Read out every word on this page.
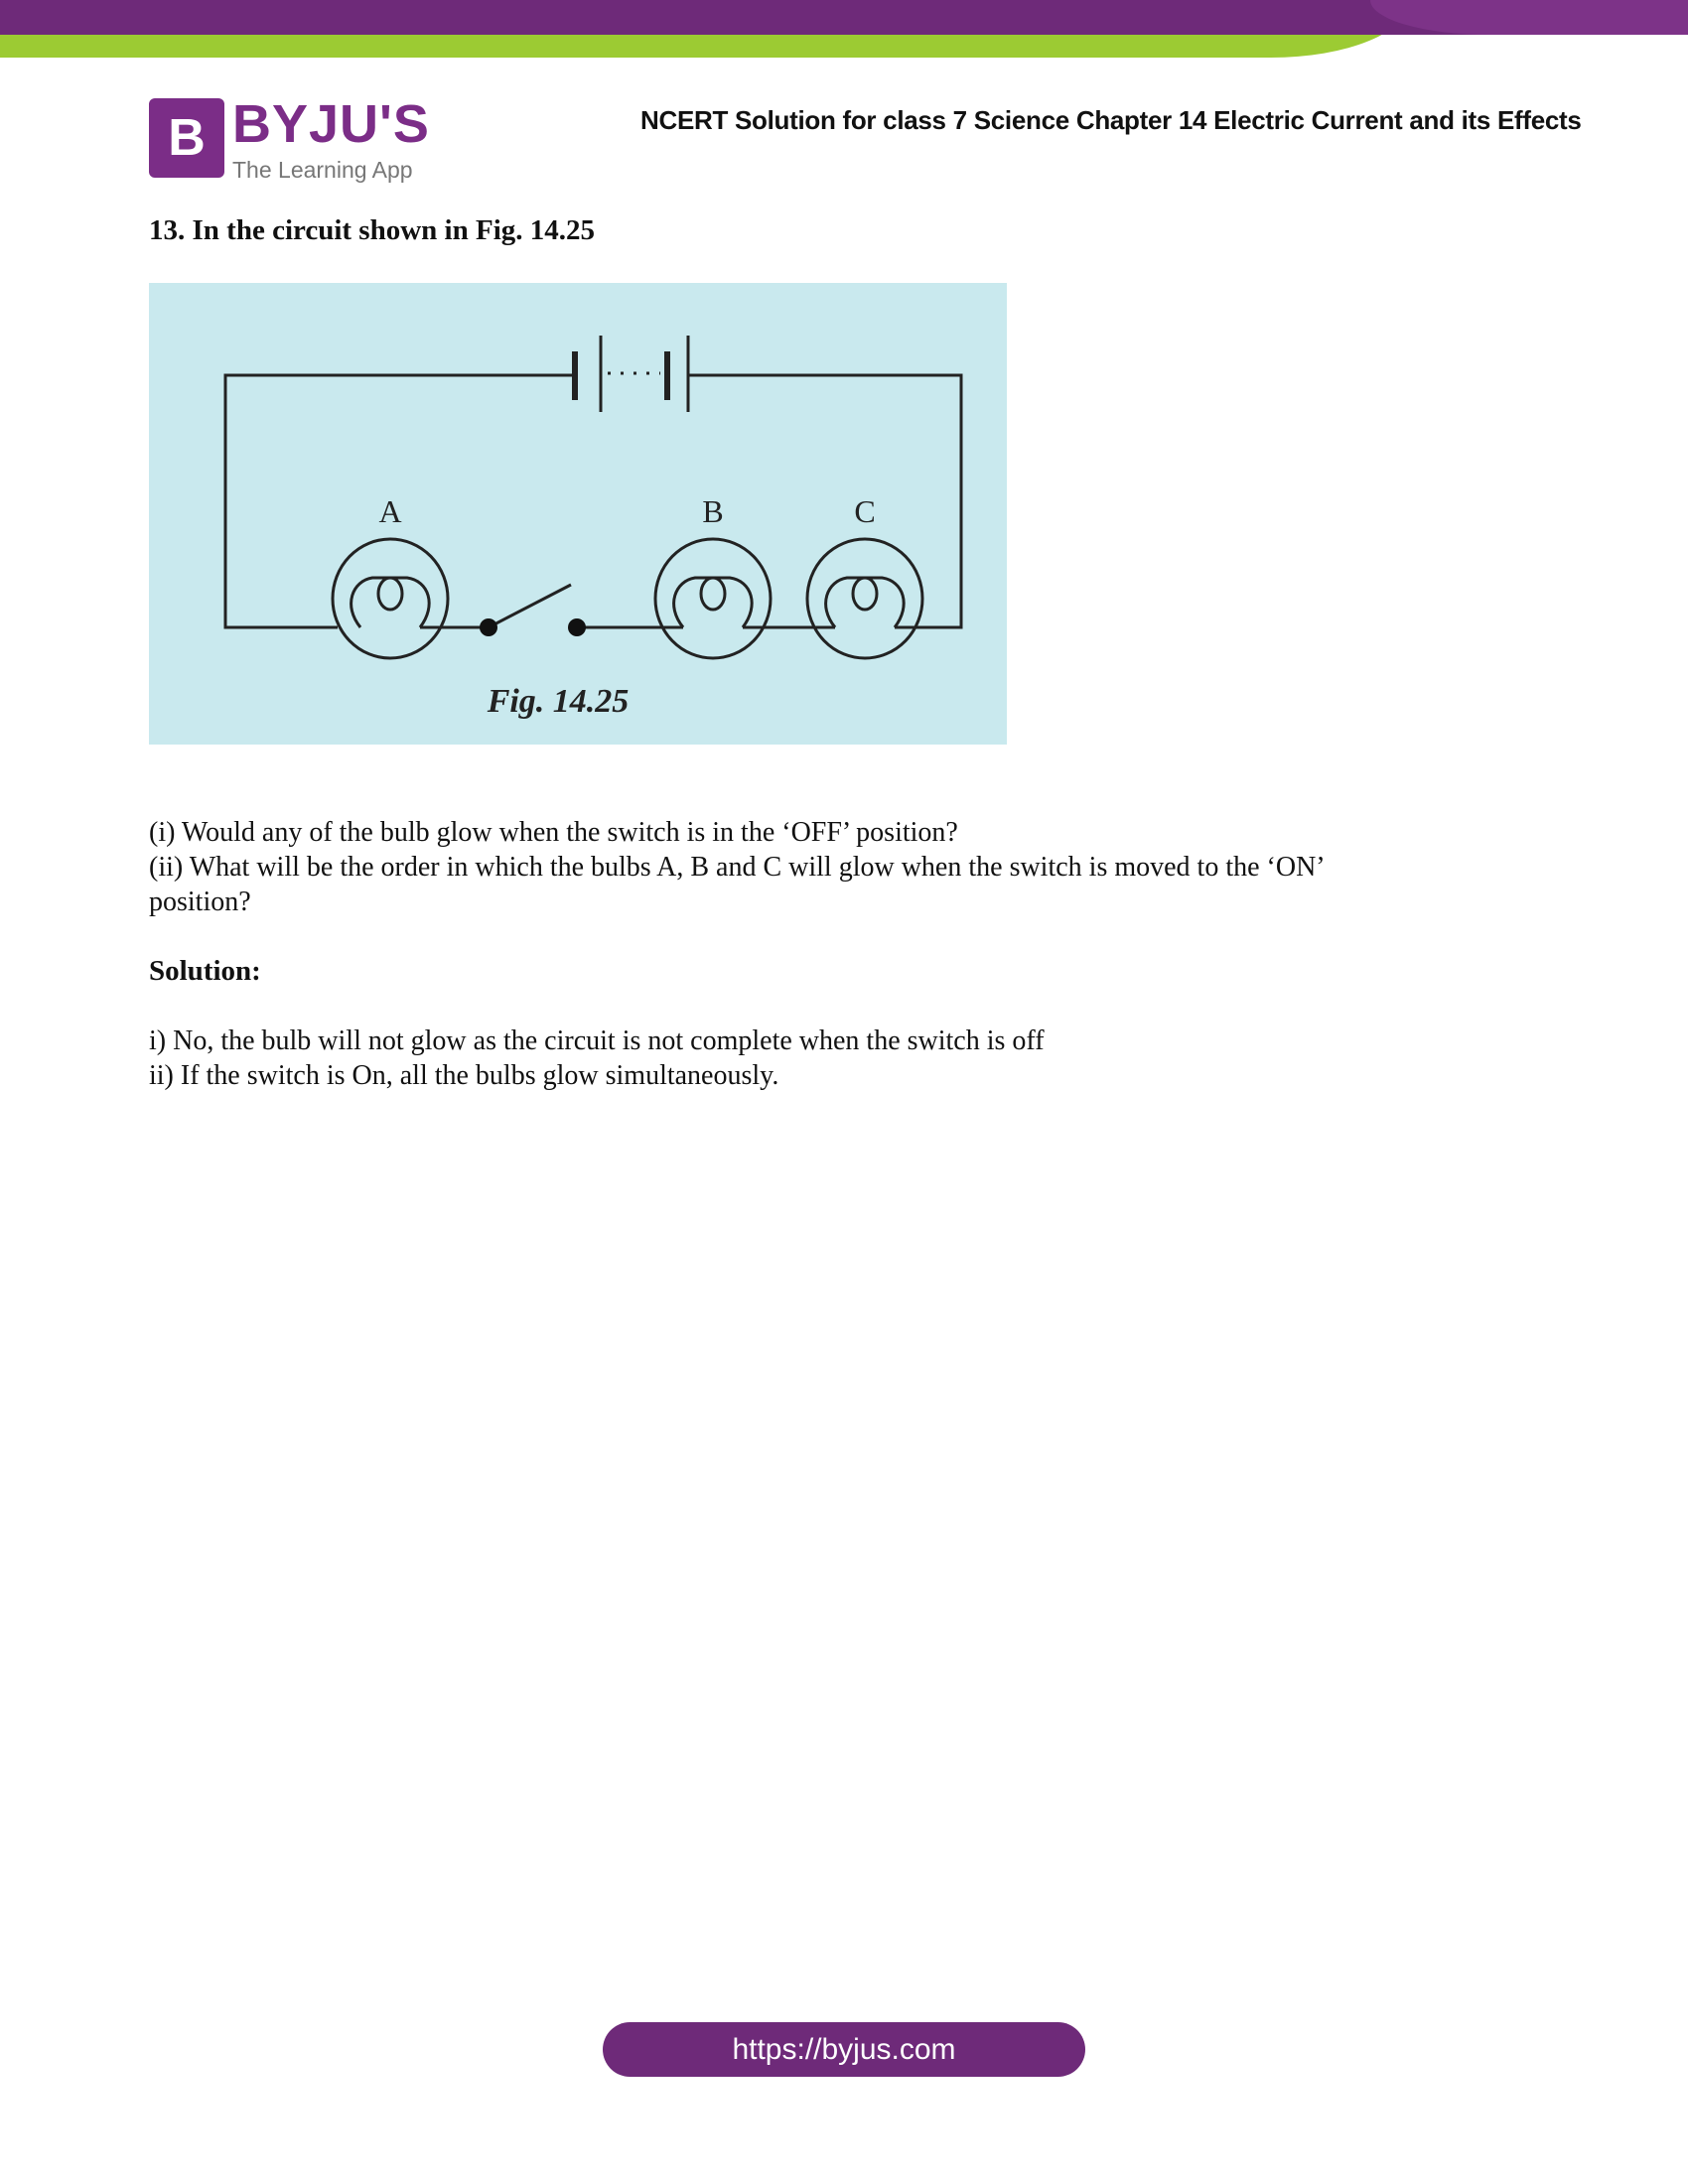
B BYJU'S
The Learning App
NCERT Solution for class 7 Science Chapter 14 Electric Current and its Effects
13. In the circuit shown in Fig. 14.25
A	B	C
Fig. 14.25
(i) Would any of the bulb glow when the switch is in the ‘OFF’ position?
(ii) What will be the order in which the bulbs A, B and C will glow when the switch is moved to the ‘ON’
position?
Solution:
i) No, the bulb will not glow as the circuit is not complete when the switch is off
ii) If the switch is On, all the bulbs glow simultaneously.
https://byjus.com
